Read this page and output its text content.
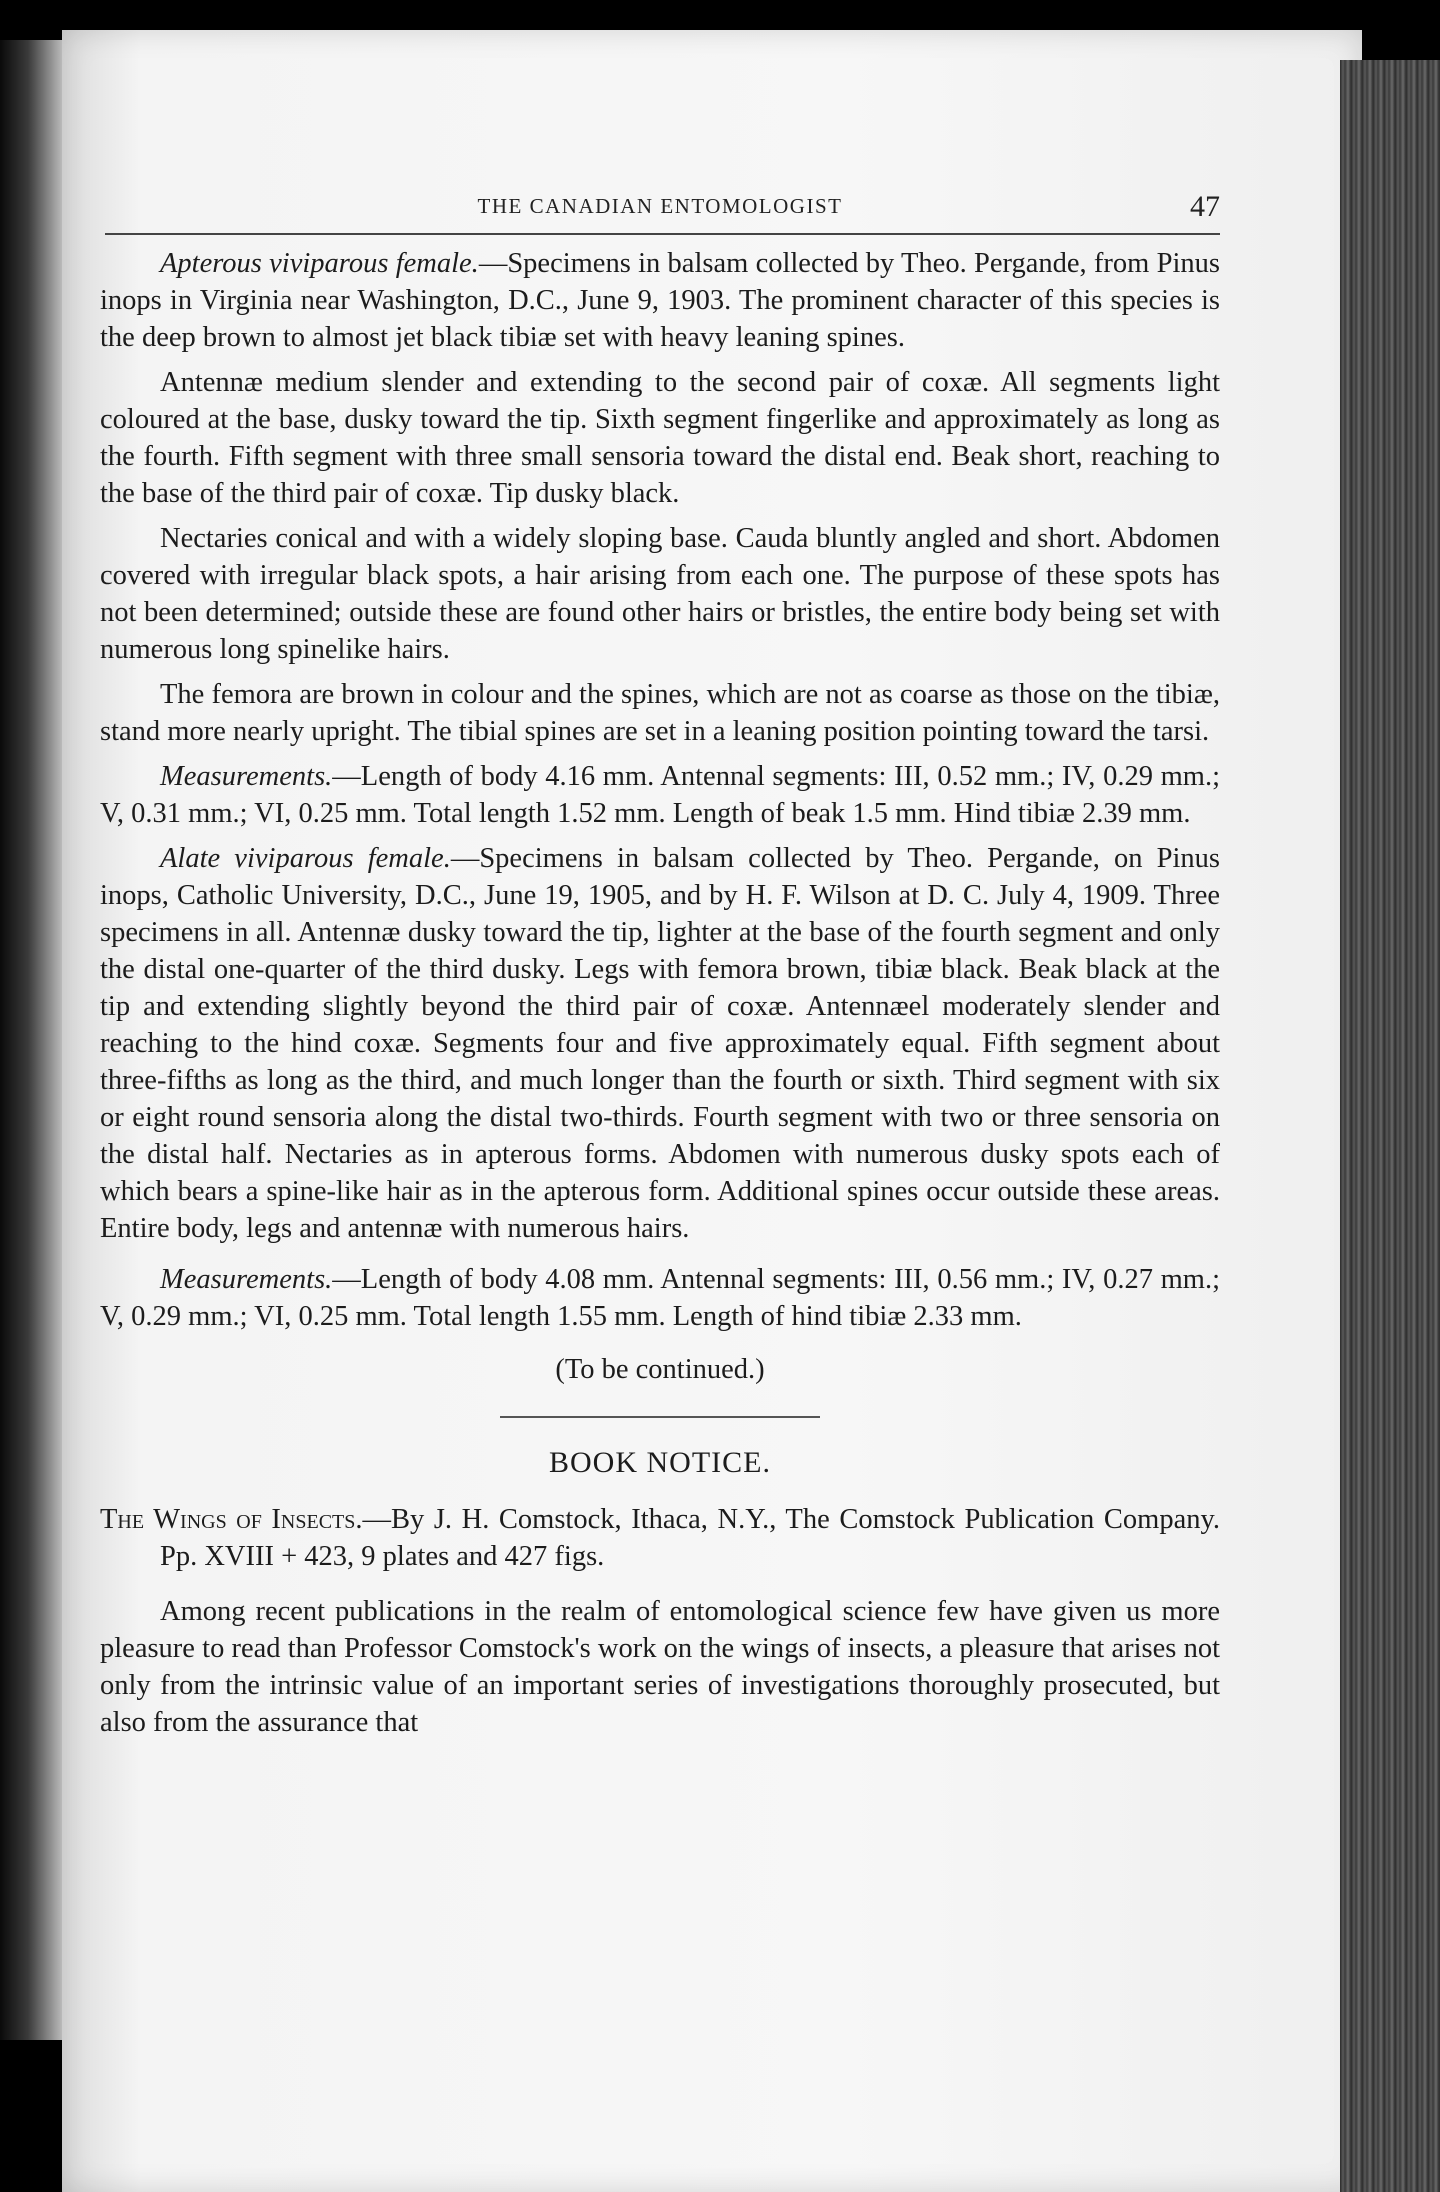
THE CANADIAN ENTOMOLOGIST	47

Apterous viviparous female.—Specimens in balsam collected by Theo. Pergande, from Pinus inops in Virginia near Washington, D.C., June 9, 1903. The prominent character of this species is the deep brown to almost jet black tibiæ set with heavy leaning spines.

Antennæ medium slender and extending to the second pair of coxæ. All segments light coloured at the base, dusky toward the tip. Sixth segment fingerlike and approximately as long as the fourth. Fifth segment with three small sensoria toward the distal end. Beak short, reaching to the base of the third pair of coxæ. Tip dusky black.

Nectaries conical and with a widely sloping base. Cauda bluntly angled and short. Abdomen covered with irregular black spots, a hair arising from each one. The purpose of these spots has not been determined; outside these are found other hairs or bristles, the entire body being set with numerous long spinelike hairs.

The femora are brown in colour and the spines, which are not as coarse as those on the tibiæ, stand more nearly upright. The tibial spines are set in a leaning position pointing toward the tarsi.

Measurements.—Length of body 4.16 mm. Antennal segments: III, 0.52 mm.; IV, 0.29 mm.; V, 0.31 mm.; VI, 0.25 mm. Total length 1.52 mm. Length of beak 1.5 mm. Hind tibiæ 2.39 mm.

Alate viviparous female.—Specimens in balsam collected by Theo. Pergande, on Pinus inops, Catholic University, D.C., June 19, 1905, and by H. F. Wilson at D. C. July 4, 1909. Three specimens in all. Antennæ dusky toward the tip, lighter at the base of the fourth segment and only the distal one-quarter of the third dusky. Legs with femora brown, tibiæ black. Beak black at the tip and extending slightly beyond the third pair of coxæ. Antennæel moderately slender and reaching to the hind coxæ. Segments four and five approximately equal. Fifth segment about three-fifths as long as the third, and much longer than the fourth or sixth. Third segment with six or eight round sensoria along the distal two-thirds. Fourth segment with two or three sensoria on the distal half. Nectaries as in apterous forms. Abdomen with numerous dusky spots each of which bears a spine-like hair as in the apterous form. Additional spines occur outside these areas. Entire body, legs and antennæ with numerous hairs.

Measurements.—Length of body 4.08 mm. Antennal segments: III, 0.56 mm.; IV, 0.27 mm.; V, 0.29 mm.; VI, 0.25 mm. Total length 1.55 mm. Length of hind tibiæ 2.33 mm.

(To be continued.)

BOOK NOTICE.

The Wings of Insects.—By J. H. Comstock, Ithaca, N.Y., The Comstock Publication Company. Pp. XVIII + 423, 9 plates and 427 figs.

Among recent publications in the realm of entomological science few have given us more pleasure to read than Professor Comstock's work on the wings of insects, a pleasure that arises not only from the intrinsic value of an important series of investigations thoroughly prosecuted, but also from the assurance that
